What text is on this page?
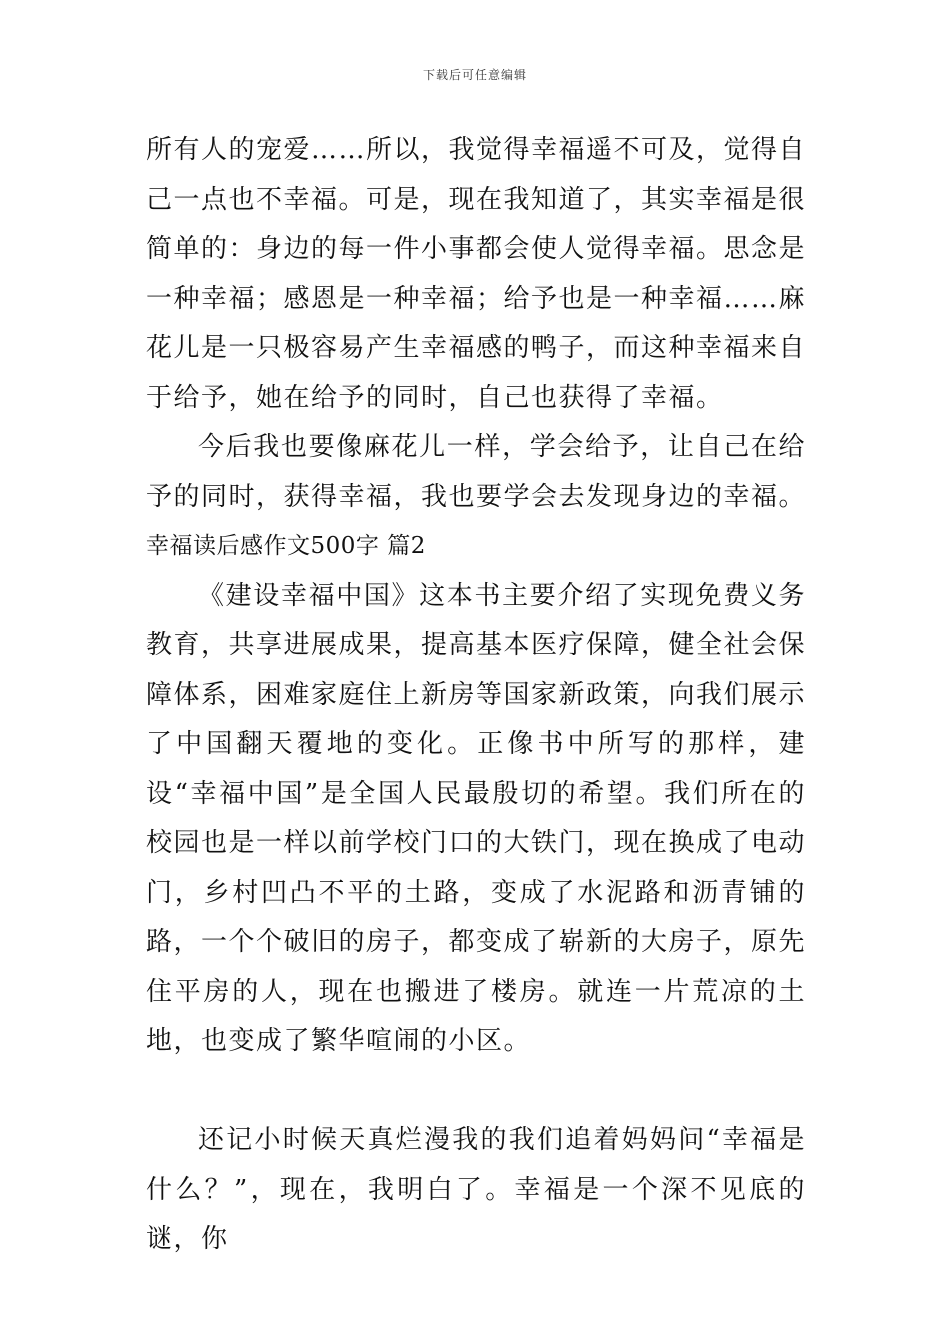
下载后可任意编辑

所有人的宠爱……所以，我觉得幸福遥不可及，觉得自己一点也不幸福。可是，现在我知道了，其实幸福是很简单的：身边的每一件小事都会使人觉得幸福。思念是一种幸福；感恩是一种幸福；给予也是一种幸福……麻花儿是一只极容易产生幸福感的鸭子，而这种幸福来自于给予，她在给予的同时，自己也获得了幸福。

今后我也要像麻花儿一样，学会给予，让自己在给予的同时，获得幸福，我也要学会去发现身边的幸福。

幸福读后感作文500字 篇2

《建设幸福中国》这本书主要介绍了实现免费义务教育，共享进展成果，提高基本医疗保障，健全社会保障体系，困难家庭住上新房等国家新政策，向我们展示了中国翻天覆地的变化。正像书中所写的那样，建设“幸福中国”是全国人民最殷切的希望。我们所在的校园也是一样以前学校门口的大铁门，现在换成了电动门，乡村凹凸不平的土路，变成了水泥路和沥青铺的路，一个个破旧的房子，都变成了崭新的大房子，原先住平房的人，现在也搬进了楼房。就连一片荒凉的土地，也变成了繁华喧闹的小区。

还记小时候天真烂漫我的我们追着妈妈问“幸福是什么？”，现在，我明白了。幸福是一个深不见底的谜，你
